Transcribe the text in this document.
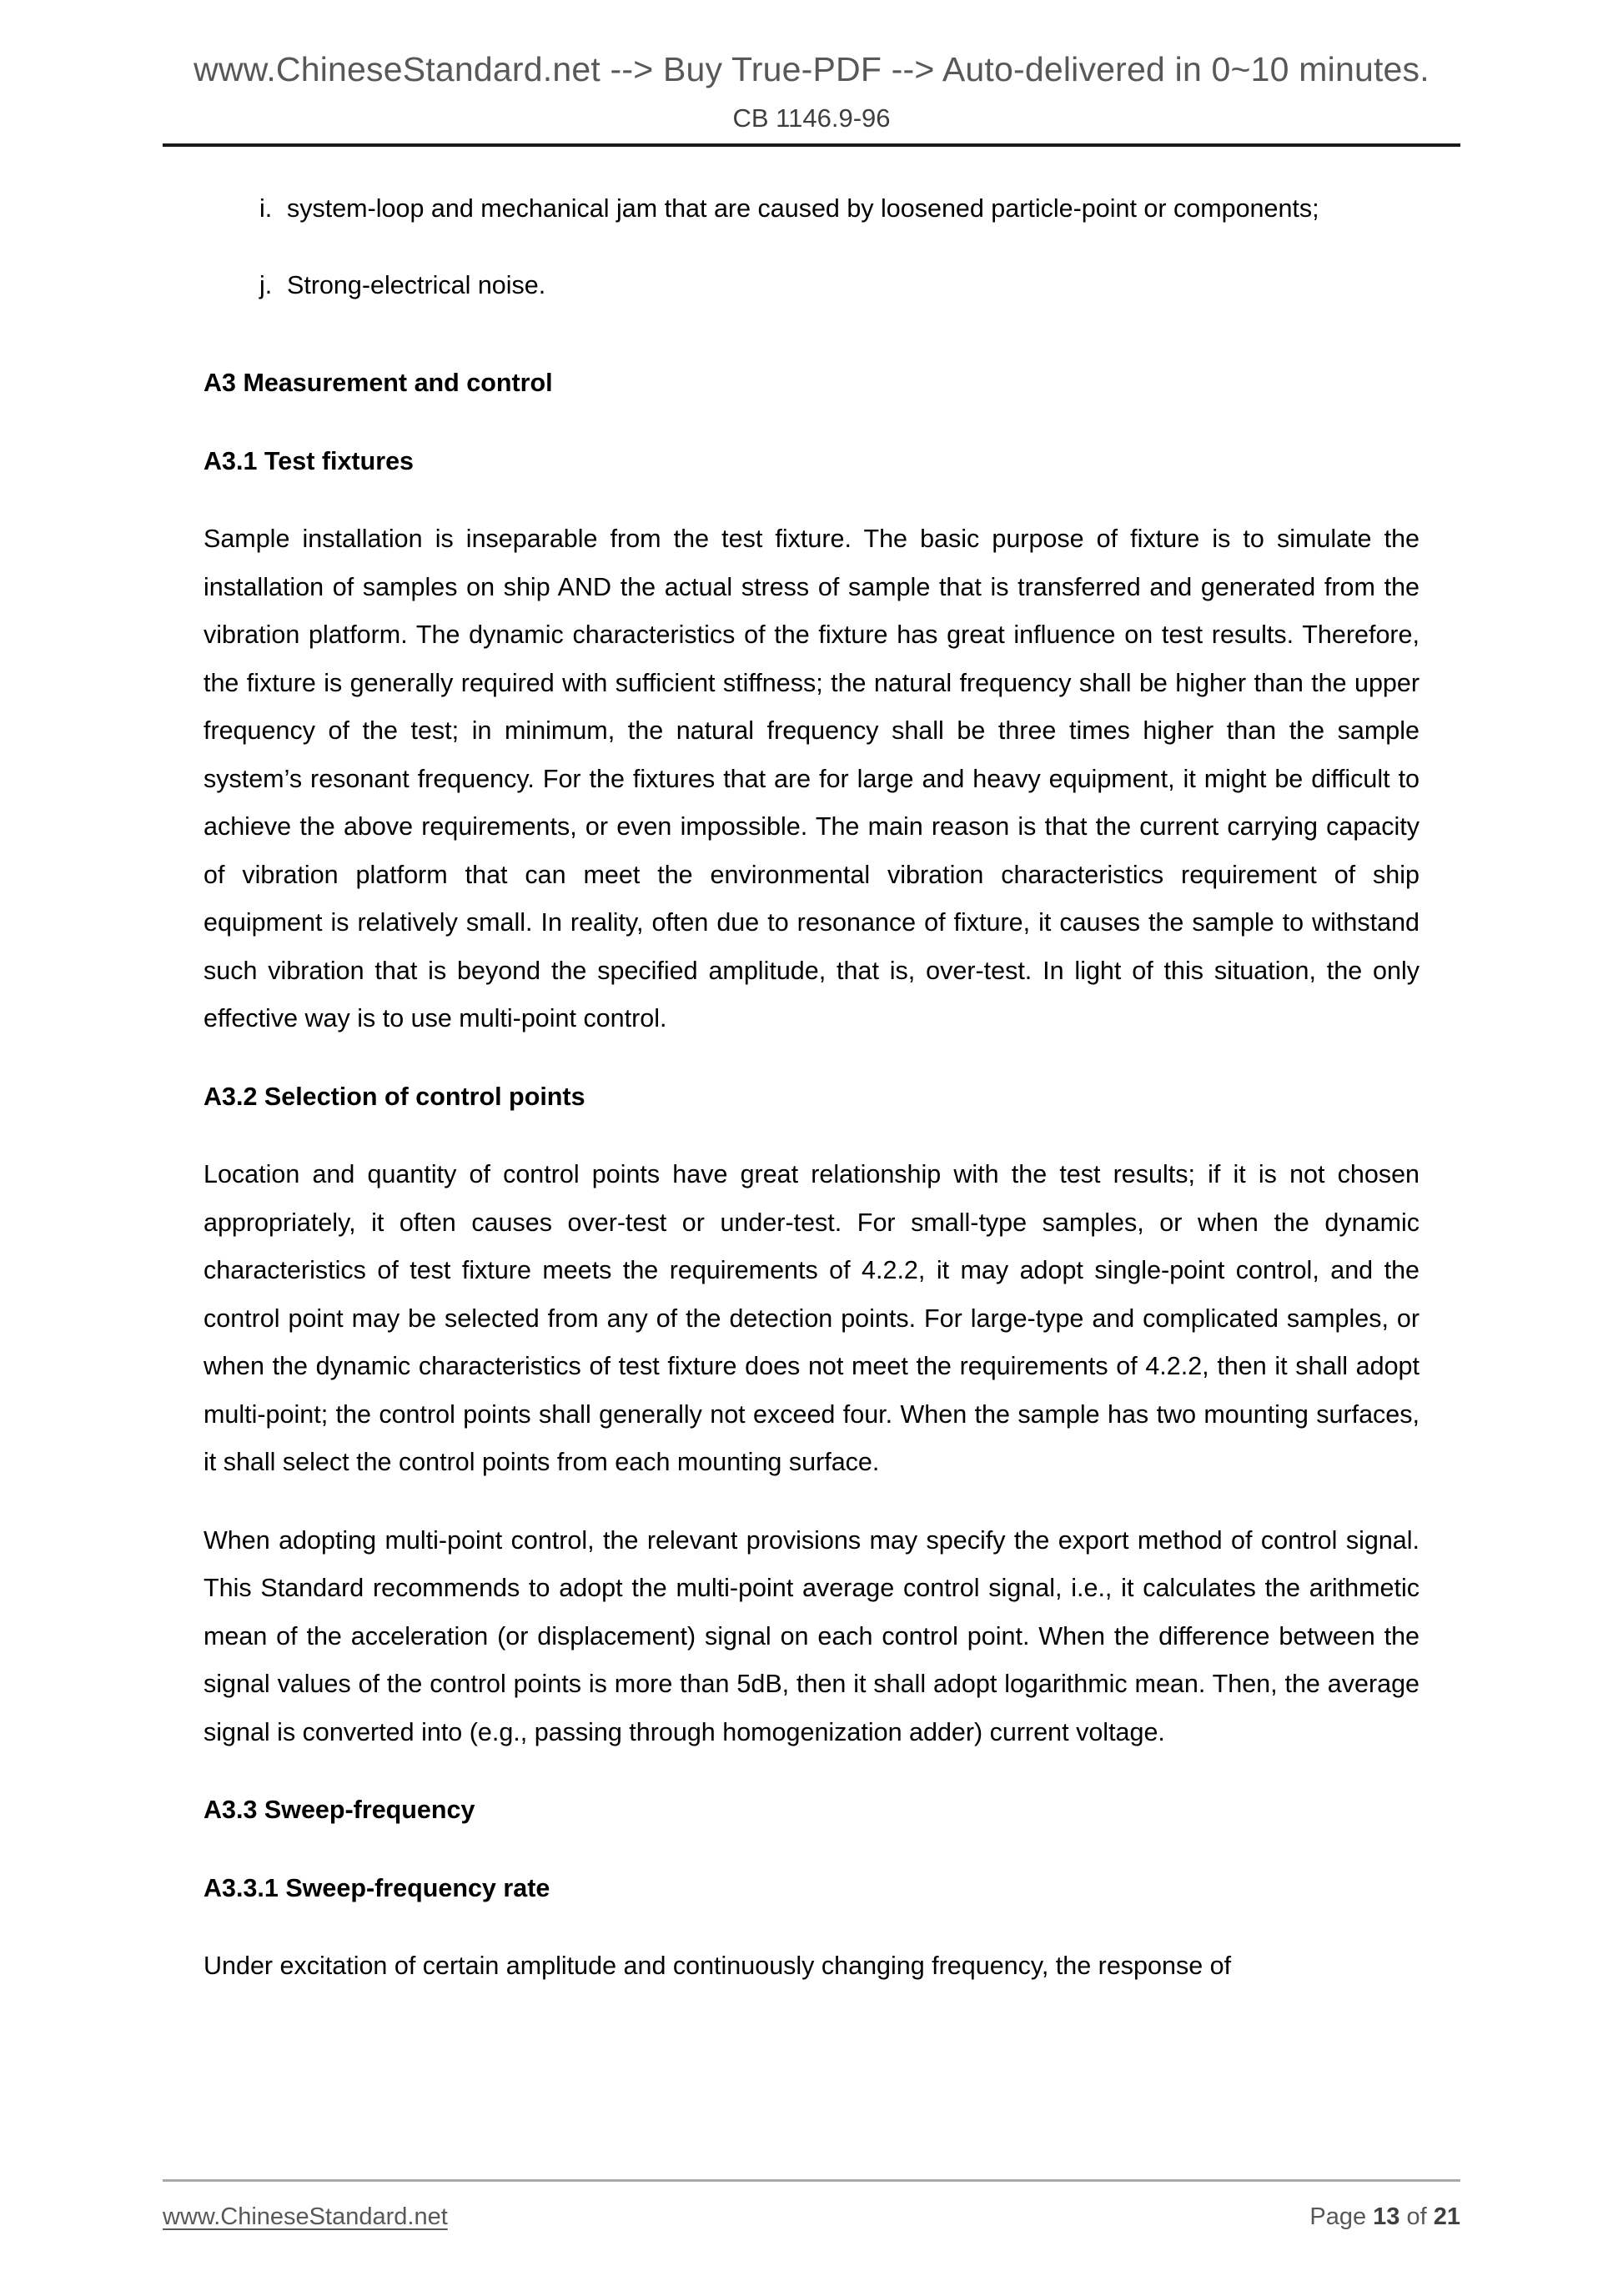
www.ChineseStandard.net --> Buy True-PDF --> Auto-delivered in 0~10 minutes.
CB 1146.9-96
i. system-loop and mechanical jam that are caused by loosened particle-point or components;
j. Strong-electrical noise.
A3 Measurement and control
A3.1 Test fixtures

Sample installation is inseparable from the test fixture. The basic purpose of fixture is to simulate the installation of samples on ship AND the actual stress of sample that is transferred and generated from the vibration platform. The dynamic characteristics of the fixture has great influence on test results. Therefore, the fixture is generally required with sufficient stiffness; the natural frequency shall be higher than the upper frequency of the test; in minimum, the natural frequency shall be three times higher than the sample system’s resonant frequency. For the fixtures that are for large and heavy equipment, it might be difficult to achieve the above requirements, or even impossible. The main reason is that the current carrying capacity of vibration platform that can meet the environmental vibration characteristics requirement of ship equipment is relatively small. In reality, often due to resonance of fixture, it causes the sample to withstand such vibration that is beyond the specified amplitude, that is, over-test. In light of this situation, the only effective way is to use multi-point control.

A3.2 Selection of control points

Location and quantity of control points have great relationship with the test results; if it is not chosen appropriately, it often causes over-test or under-test. For small-type samples, or when the dynamic characteristics of test fixture meets the requirements of 4.2.2, it may adopt single-point control, and the control point may be selected from any of the detection points. For large-type and complicated samples, or when the dynamic characteristics of test fixture does not meet the requirements of 4.2.2, then it shall adopt multi-point; the control points shall generally not exceed four. When the sample has two mounting surfaces, it shall select the control points from each mounting surface.

When adopting multi-point control, the relevant provisions may specify the export method of control signal. This Standard recommends to adopt the multi-point average control signal, i.e., it calculates the arithmetic mean of the acceleration (or displacement) signal on each control point. When the difference between the signal values of the control points is more than 5dB, then it shall adopt logarithmic mean. Then, the average signal is converted into (e.g., passing through homogenization adder) current voltage.

A3.3 Sweep-frequency
A3.3.1 Sweep-frequency rate

Under excitation of certain amplitude and continuously changing frequency, the response of

www.ChineseStandard.net	Page 13 of 21
